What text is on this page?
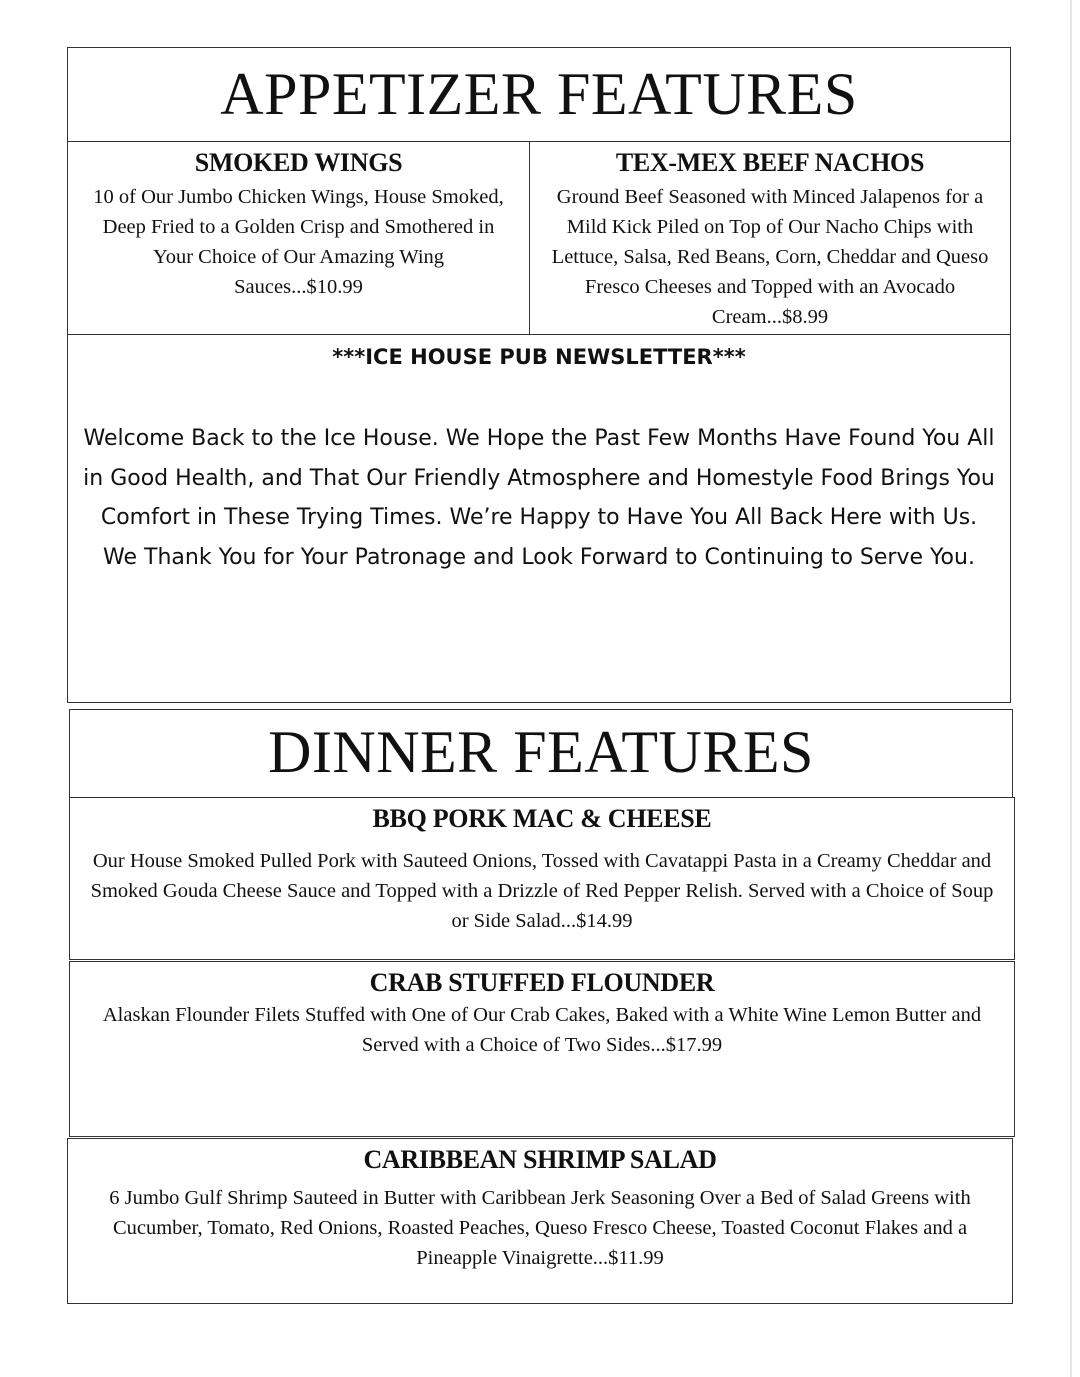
APPETIZER FEATURES
SMOKED WINGS
10 of Our Jumbo Chicken Wings, House Smoked, Deep Fried to a Golden Crisp and Smothered in Your Choice of Our Amazing Wing Sauces...$10.99
TEX-MEX BEEF NACHOS
Ground Beef Seasoned with Minced Jalapenos for a Mild Kick Piled on Top of Our Nacho Chips with Lettuce, Salsa, Red Beans, Corn, Cheddar and Queso Fresco Cheeses and Topped with an Avocado Cream...$8.99
***ICE HOUSE PUB NEWSLETTER***
Welcome Back to the Ice House. We Hope the Past Few Months Have Found You All in Good Health, and That Our Friendly Atmosphere and Homestyle Food Brings You Comfort in These Trying Times. We’re Happy to Have You All Back Here with Us. We Thank You for Your Patronage and Look Forward to Continuing to Serve You.
DINNER FEATURES
BBQ PORK MAC & CHEESE
Our House Smoked Pulled Pork with Sauteed Onions, Tossed with Cavatappi Pasta in a Creamy Cheddar and Smoked Gouda Cheese Sauce and Topped with a Drizzle of Red Pepper Relish. Served with a Choice of Soup or Side Salad...$14.99
CRAB STUFFED FLOUNDER
Alaskan Flounder Filets Stuffed with One of Our Crab Cakes, Baked with a White Wine Lemon Butter and Served with a Choice of Two Sides...$17.99
CARIBBEAN SHRIMP SALAD
6 Jumbo Gulf Shrimp Sauteed in Butter with Caribbean Jerk Seasoning Over a Bed of Salad Greens with Cucumber, Tomato, Red Onions, Roasted Peaches, Queso Fresco Cheese, Toasted Coconut Flakes and a Pineapple Vinaigrette...$11.99
